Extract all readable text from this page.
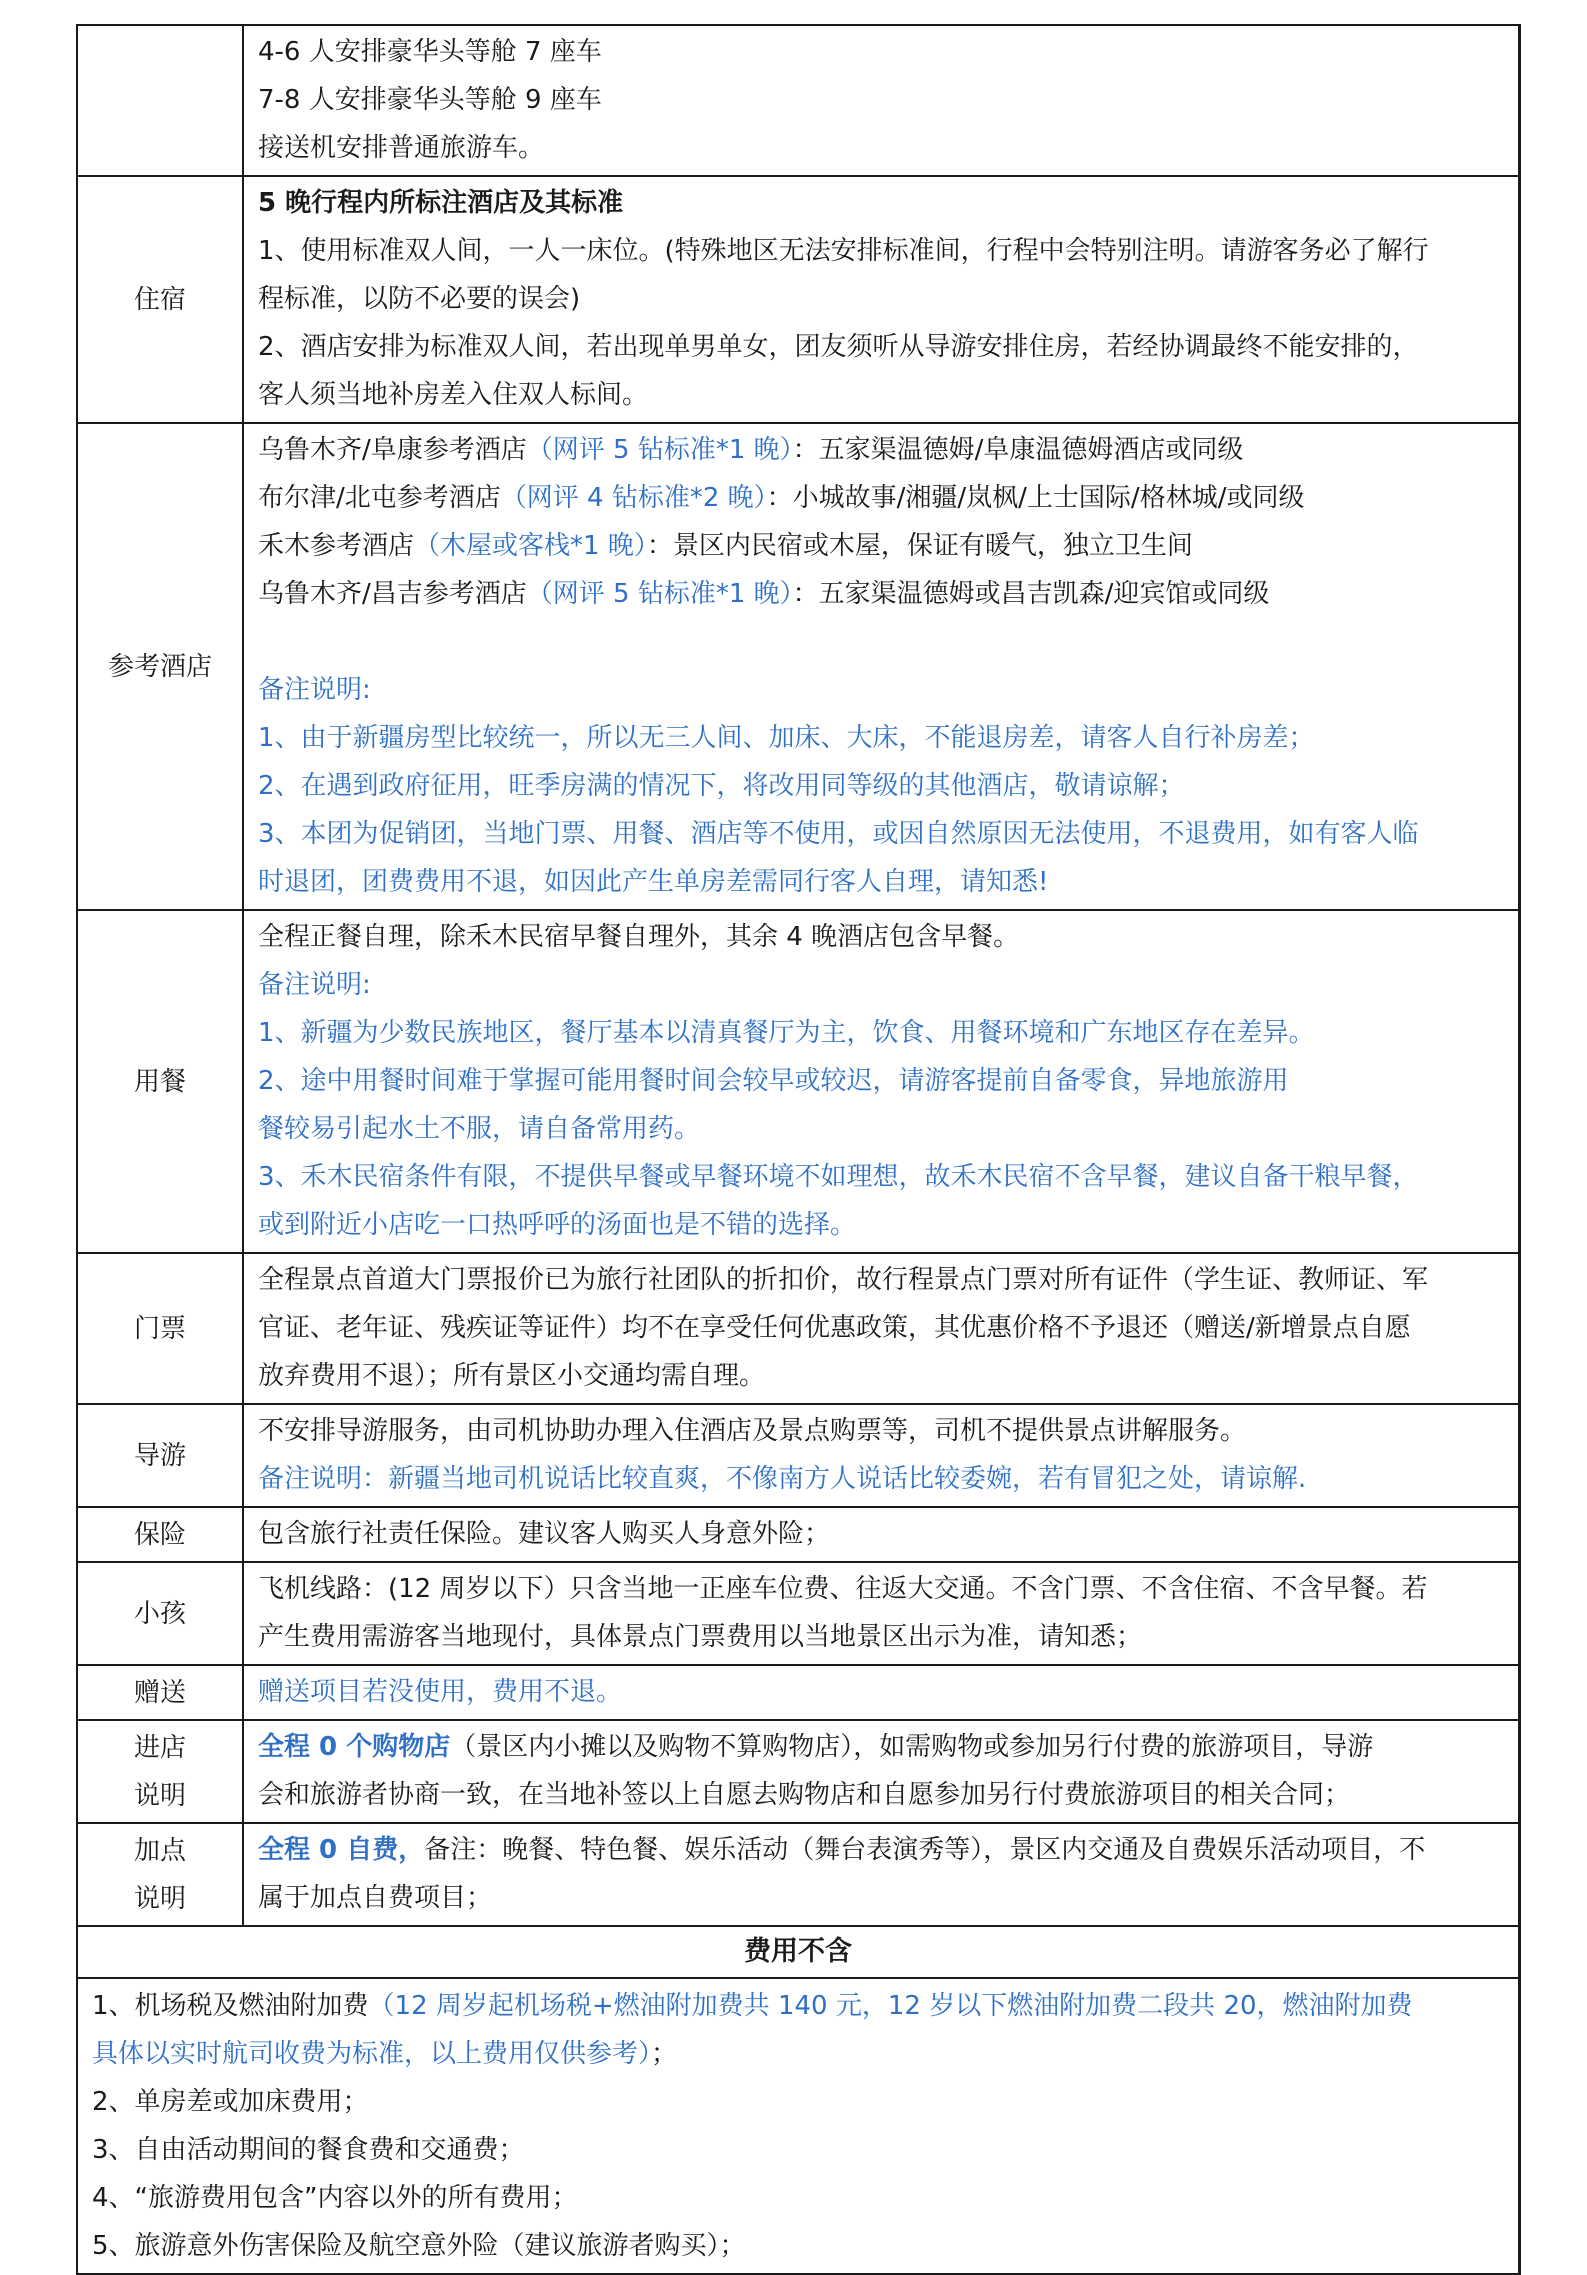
4-6 人安排豪华头等舱 7 座车
7-8 人安排豪华头等舱 9 座车
接送机安排普通旅游车。
住宿
5 晚行程内所标注酒店及其标准
1、使用标准双人间，一人一床位。(特殊地区无法安排标准间，行程中会特别注明。请游客务必了解行
程标准，以防不必要的误会)
2、酒店安排为标准双人间，若出现单男单女，团友须听从导游安排住房，若经协调最终不能安排的，
客人须当地补房差入住双人标间。
参考酒店
乌鲁木齐/阜康参考酒店（网评 5 钻标准*1 晚）：五家渠温德姆/阜康温德姆酒店或同级
布尔津/北屯参考酒店（网评 4 钻标准*2 晚）：小城故事/湘疆/岚枫/上士国际/格林城/或同级
禾木参考酒店（木屋或客栈*1 晚）：景区内民宿或木屋，保证有暖气，独立卫生间
乌鲁木齐/昌吉参考酒店（网评 5 钻标准*1 晚）：五家渠温德姆或昌吉凯森/迎宾馆或同级
备注说明:
1、由于新疆房型比较统一，所以无三人间、加床、大床，不能退房差，请客人自行补房差；
2、在遇到政府征用，旺季房满的情况下，将改用同等级的其他酒店，敬请谅解；
3、本团为促销团，当地门票、用餐、酒店等不使用，或因自然原因无法使用，不退费用，如有客人临
时退团，团费费用不退，如因此产生单房差需同行客人自理，请知悉!
用餐
全程正餐自理，除禾木民宿早餐自理外，其余 4 晚酒店包含早餐。
备注说明:
1、新疆为少数民族地区，餐厅基本以清真餐厅为主，饮食、用餐环境和广东地区存在差异。
2、途中用餐时间难于掌握可能用餐时间会较早或较迟，请游客提前自备零食，异地旅游用
餐较易引起水土不服，请自备常用药。
3、禾木民宿条件有限，不提供早餐或早餐环境不如理想，故禾木民宿不含早餐，建议自备干粮早餐，
或到附近小店吃一口热呼呼的汤面也是不错的选择。
门票
全程景点首道大门票报价已为旅行社团队的折扣价，故行程景点门票对所有证件（学生证、教师证、军
官证、老年证、残疾证等证件）均不在享受任何优惠政策，其优惠价格不予退还（赠送/新增景点自愿
放弃费用不退）；所有景区小交通均需自理。
导游
不安排导游服务，由司机协助办理入住酒店及景点购票等，司机不提供景点讲解服务。
备注说明：新疆当地司机说话比较直爽，不像南方人说话比较委婉，若有冒犯之处，请谅解.
保险	包含旅行社责任保险。建议客人购买人身意外险；
小孩
飞机线路：(12 周岁以下）只含当地一正座车位费、往返大交通。不含门票、不含住宿、不含早餐。若
产生费用需游客当地现付，具体景点门票费用以当地景区出示为准，请知悉；
赠送	赠送项目若没使用，费用不退。
进店
说明
全程 0 个购物店（景区内小摊以及购物不算购物店），如需购物或参加另行付费的旅游项目，导游
会和旅游者协商一致，在当地补签以上自愿去购物店和自愿参加另行付费旅游项目的相关合同；
加点
说明
全程 0 自费，备注：晚餐、特色餐、娱乐活动（舞台表演秀等），景区内交通及自费娱乐活动项目，不
属于加点自费项目；
费用不含
1、机场税及燃油附加费（12 周岁起机场税+燃油附加费共 140 元，12 岁以下燃油附加费二段共 20，燃油附加费
具体以实时航司收费为标准，以上费用仅供参考）；
2、单房差或加床费用；
3、自由活动期间的餐食费和交通费；
4、“旅游费用包含”内容以外的所有费用；
5、旅游意外伤害保险及航空意外险（建议旅游者购买）；
